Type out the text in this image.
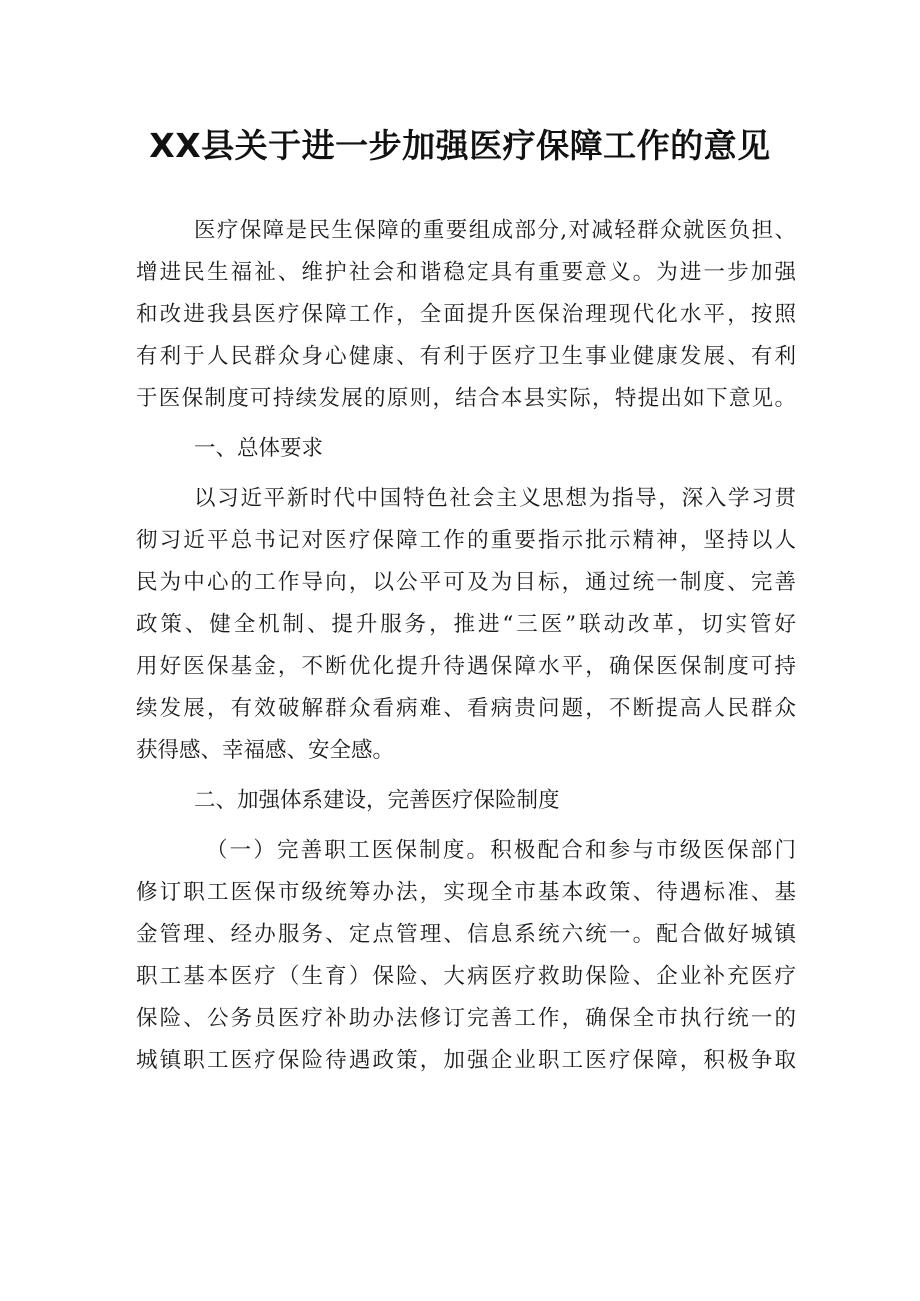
XX县关于进一步加强医疗保障工作的意见
医疗保障是民生保障的重要组成部分,对减轻群众就医负担、
增进民生福祉、维护社会和谐稳定具有重要意义。为进一步加强
和改进我县医疗保障工作，全面提升医保治理现代化水平，按照
有利于人民群众身心健康、有利于医疗卫生事业健康发展、有利
于医保制度可持续发展的原则，结合本县实际，特提出如下意见。
一、总体要求
以习近平新时代中国特色社会主义思想为指导，深入学习贯
彻习近平总书记对医疗保障工作的重要指示批示精神，坚持以人
民为中心的工作导向，以公平可及为目标，通过统一制度、完善
政策、健全机制、提升服务，推进“三医”联动改革，切实管好
用好医保基金，不断优化提升待遇保障水平，确保医保制度可持
续发展，有效破解群众看病难、看病贵问题，不断提高人民群众
获得感、幸福感、安全感。
二、加强体系建设，完善医疗保险制度
（一）完善职工医保制度。积极配合和参与市级医保部门
修订职工医保市级统筹办法，实现全市基本政策、待遇标准、基
金管理、经办服务、定点管理、信息系统六统一。配合做好城镇
职工基本医疗（生育）保险、大病医疗救助保险、企业补充医疗
保险、公务员医疗补助办法修订完善工作，确保全市执行统一的
城镇职工医疗保险待遇政策，加强企业职工医疗保障，积极争取
